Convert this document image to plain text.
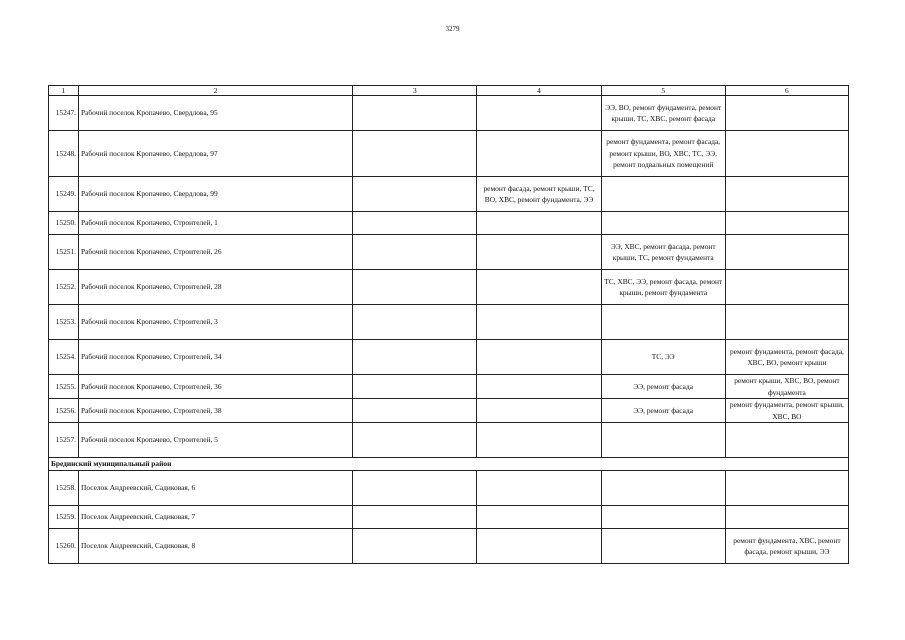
3279
1	2	3	4	5	6
15247.	Рабочий поселок Кропачево, Свердлова, 95			ЭЭ, ВО, ремонт фундамента, ремонт крыши, ТС, ХВС, ремонт фасада	
15248.	Рабочий поселок Кропачево, Свердлова, 97			ремонт фундамента, ремонт фасада, ремонт крыши, ВО, ХВС, ТС, ЭЭ, ремонт подвальных помещений	
15249.	Рабочий поселок Кропачево, Свердлова, 99		ремонт фасада, ремонт крыши, ТС, ВО, ХВС, ремонт фундамента, ЭЭ		
15250.	Рабочий поселок Кропачево, Строителей, 1				
15251.	Рабочий поселок Кропачево, Строителей, 26			ЭЭ, ХВС, ремонт фасада, ремонт крыши, ТС, ремонт фундамента	
15252.	Рабочий поселок Кропачево, Строителей, 28			ТС, ХВС, ЭЭ, ремонт фасада, ремонт крыши, ремонт фундамента	
15253.	Рабочий поселок Кропачево, Строителей, 3				
15254.	Рабочий поселок Кропачево, Строителей, 34			ТС, ЭЭ	ремонт фундамента, ремонт фасада, ХВС, ВО, ремонт крыши
15255.	Рабочий поселок Кропачево, Строителей, 36			ЭЭ, ремонт фасада	ремонт крыши, ХВС, ВО, ремонт фундамента
15256.	Рабочий поселок Кропачево, Строителей, 38			ЭЭ, ремонт фасада	ремонт фундамента, ремонт крыши, ХВС, ВО
15257.	Рабочий поселок Кропачево, Строителей, 5				
Брединский муниципальный район					
15258.	Поселок Андреевский, Садиковая, 6				
15259.	Поселок Андреевский, Садиковая, 7				
15260.	Поселок Андреевский, Садиковая, 8				ремонт фундамента, ХВС, ремонт фасада, ремонт крыши, ЭЭ
